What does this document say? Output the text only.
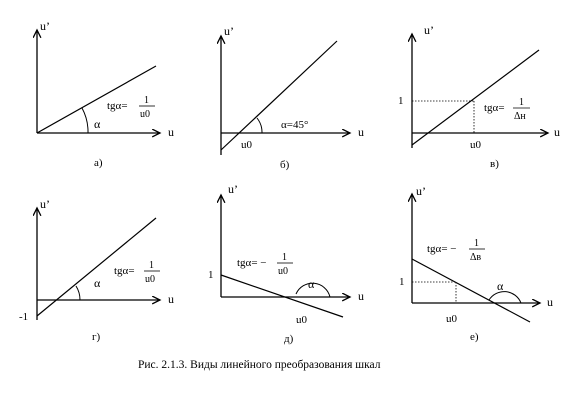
u’
u
α
tgα= 1
u0
а)
u’
u
α=45°
u0
б)
u’
u
1
u0
tgα= 1
Δн
в)
u’
u
α
tgα= 1
u0
-1
г)
u’
u
α
tgα= − 1
u0
1
u0
д)
u’
u
α
tgα= − 1
Δв
1
u0
е)
Рис. 2.1.3. Виды линейного преобразования шкал
